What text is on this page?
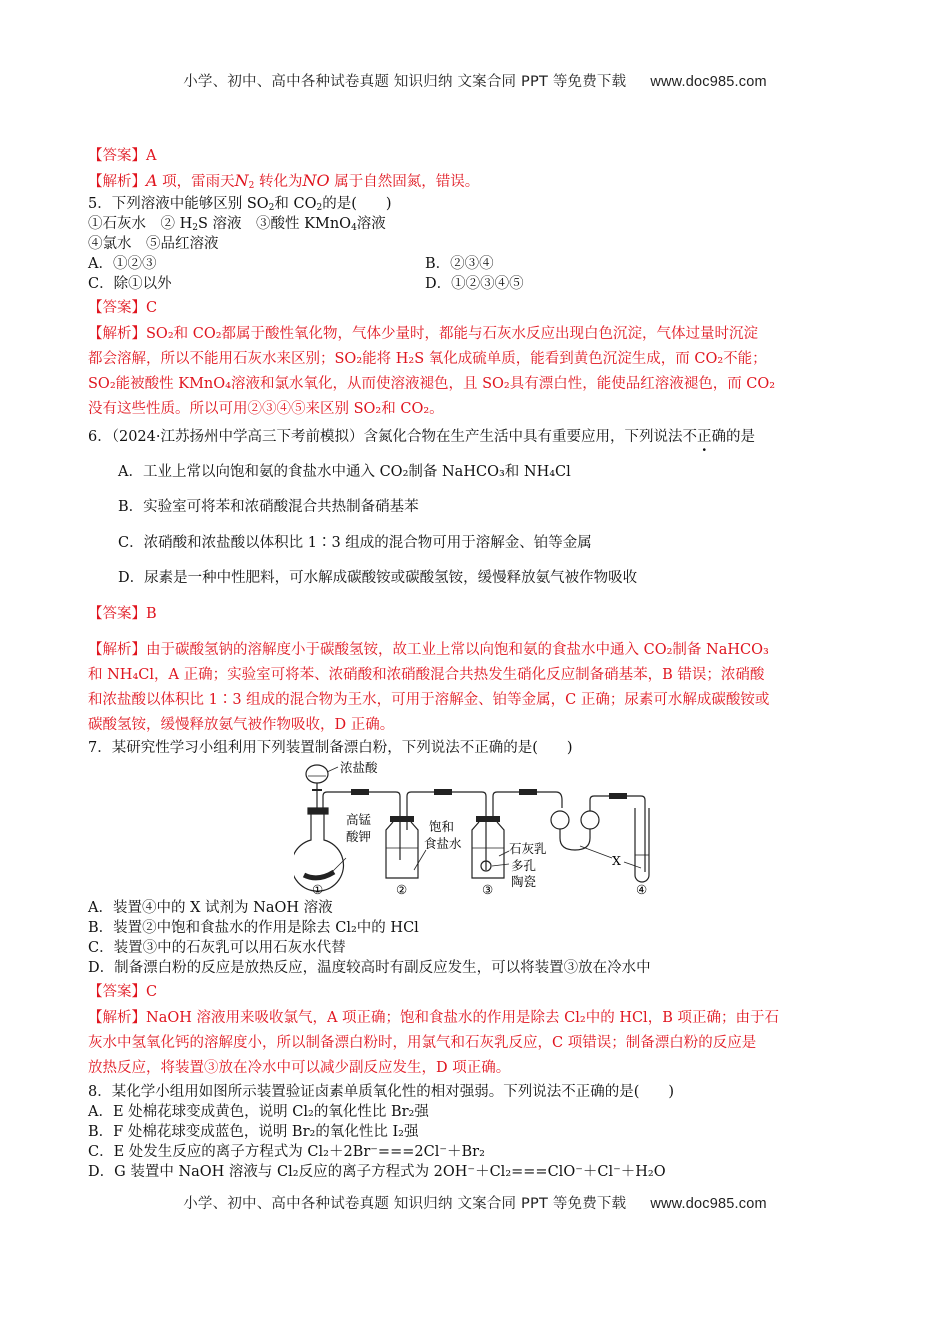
小学、初中、高中各种试卷真题 知识归纳 文案合同 PPT 等免费下载 www.doc985.com
【答案】A
【解析】A 项，雷雨天$N_2$ 转化为NO 属于自然固氮，错误。
5．下列溶液中能够区别 $SO_2$和 $CO_2$的是(　　)
①石灰水　 ② $H_2S$ 溶液　 ③酸性 KMnO$_4$溶液
④氯水　⑤品红溶液
A．①②③	B．②③④
C．除①以外	D．①②③④⑤
【答案】C
【解析】SO₂和 CO₂都属于酸性氧化物，气体少量时，都能与石灰水反应出现白色沉淀，气体过量时沉淀
都会溶解，所以不能用石灰水来区别；SO₂能将 H₂S 氧化成硫单质，能看到黄色沉淀生成，而 CO₂不能；
SO₂能被酸性 KMnO₄溶液和氯水氧化，从而使溶液褪色，且 SO₂具有漂白性，能使品红溶液褪色，而 CO₂
没有这些性质。所以可用②③④⑤来区别 SO₂和 CO₂。
6．（2024·江苏扬州中学高三下考前模拟）含氮化合物在生产生活中具有重要应用，下列说法不正确的是
A．工业上常以向饱和氨的食盐水中通入 CO₂制备 NaHCO₃和 NH₄Cl
B．实验室可将苯和浓硝酸混合共热制备硝基苯
C．浓硝酸和浓盐酸以体积比 1∶3 组成的混合物可用于溶解金、铂等金属
D．尿素是一种中性肥料，可水解成碳酸铵或碳酸氢铵，缓慢释放氨气被作物吸收
【答案】B
【解析】由于碳酸氢钠的溶解度小于碳酸氢铵，故工业上常以向饱和氨的食盐水中通入 CO₂制备 NaHCO₃
和 NH₄Cl，A 正确；实验室可将苯、浓硝酸和浓硝酸混合共热发生硝化反应制备硝基苯，B 错误；浓硝酸
和浓盐酸以体积比 1∶3 组成的混合物为王水，可用于溶解金、铂等金属，C 正确；尿素可水解成碳酸铵或
碳酸氢铵，缓慢释放氨气被作物吸收，D 正确。
7．某研究性学习小组利用下列装置制备漂白粉，下列说法不正确的是(　　)
浓盐酸
高锰
酸钾
饱和
食盐水	石灰乳
多孔
陶瓷
X
①	②	③	④
A．装置④中的 X 试剂为 NaOH 溶液
B．装置②中饱和食盐水的作用是除去 Cl₂中的 HCl
C．装置③中的石灰乳可以用石灰水代替
D．制备漂白粉的反应是放热反应，温度较高时有副反应发生，可以将装置③放在冷水中
【答案】C
【解析】NaOH 溶液用来吸收氯气，A 项正确；饱和食盐水的作用是除去 Cl₂中的 HCl，B 项正确；由于石
灰水中氢氧化钙的溶解度小，所以制备漂白粉时，用氯气和石灰乳反应，C 项错误；制备漂白粉的反应是
放热反应，将装置③放在冷水中可以减少副反应发生，D 项正确。
8．某化学小组用如图所示装置验证卤素单质氧化性的相对强弱。下列说法不正确的是(　　)
A．E 处棉花球变成黄色，说明 Cl₂的氧化性比 Br₂强
B．F 处棉花球变成蓝色，说明 Br₂的氧化性比 I₂强
C．E 处发生反应的离子方程式为 Cl₂＋2Br⁻===2Cl⁻＋Br₂
D．G 装置中 NaOH 溶液与 Cl₂反应的离子方程式为 2OH⁻＋Cl₂===ClO⁻＋Cl⁻＋H₂O
小学、初中、高中各种试卷真题 知识归纳 文案合同 PPT 等免费下载 www.doc985.com
